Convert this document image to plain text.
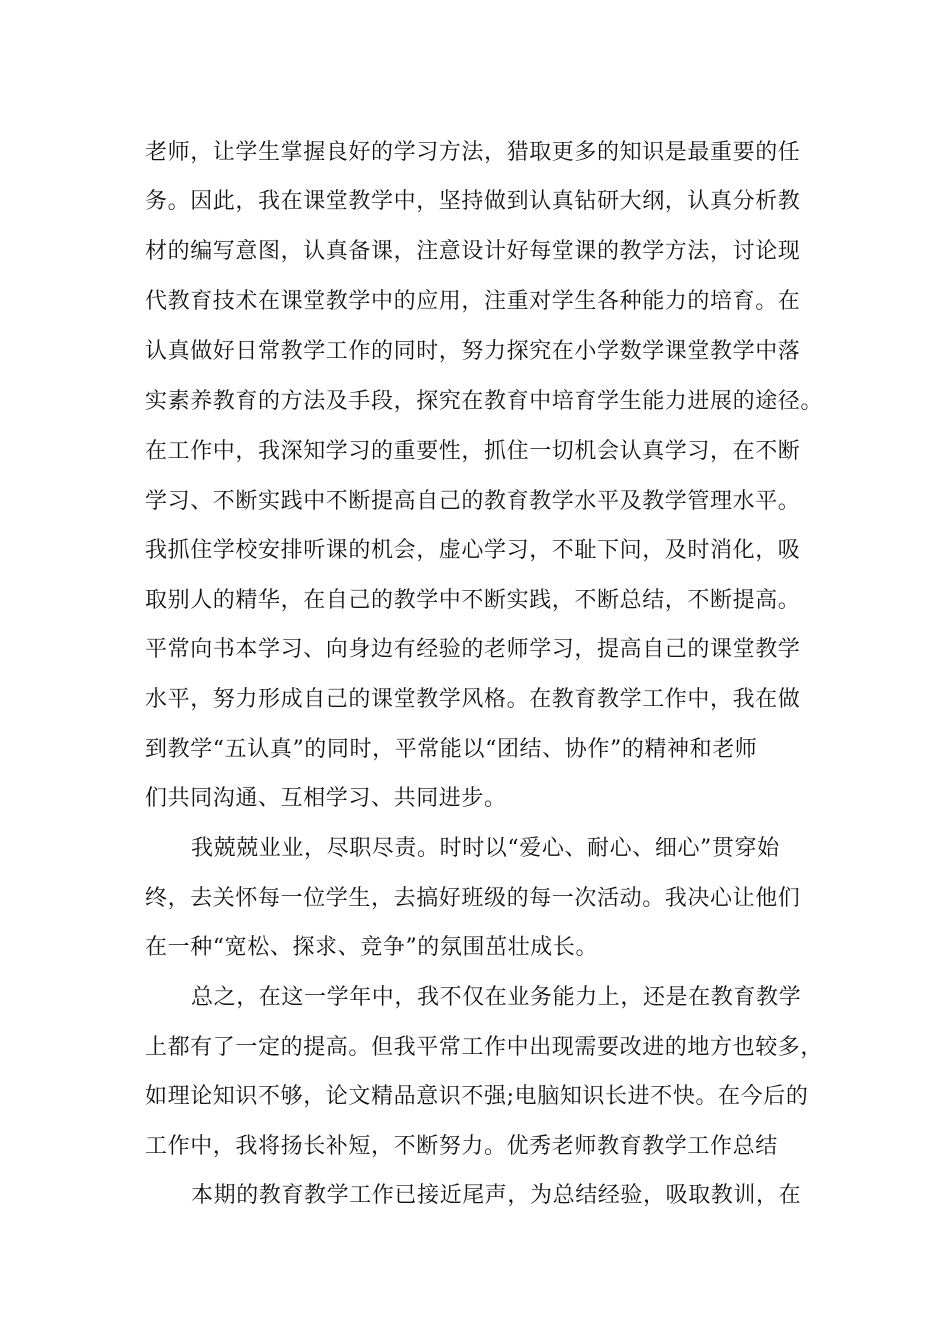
老师，让学生掌握良好的学习方法，猎取更多的知识是最重要的任
务。因此，我在课堂教学中，坚持做到认真钻研大纲，认真分析教
材的编写意图，认真备课，注意设计好每堂课的教学方法，讨论现
代教育技术在课堂教学中的应用，注重对学生各种能力的培育。在
认真做好日常教学工作的同时，努力探究在小学数学课堂教学中落
实素养教育的方法及手段，探究在教育中培育学生能力进展的途径。
在工作中，我深知学习的重要性，抓住一切机会认真学习，在不断
学习、不断实践中不断提高自己的教育教学水平及教学管理水平。
我抓住学校安排听课的机会，虚心学习，不耻下问，及时消化，吸
取别人的精华，在自己的教学中不断实践，不断总结，不断提高。
平常向书本学习、向身边有经验的老师学习，提高自己的课堂教学
水平，努力形成自己的课堂教学风格。在教育教学工作中，我在做
到教学“五认真”的同时，平常能以“团结、协作”的精神和老师
们共同沟通、互相学习、共同进步。
我兢兢业业，尽职尽责。时时以“爱心、耐心、细心”贯穿始
终，去关怀每一位学生，去搞好班级的每一次活动。我决心让他们
在一种“宽松、探求、竞争”的氛围茁壮成长。
总之，在这一学年中，我不仅在业务能力上，还是在教育教学
上都有了一定的提高。但我平常工作中出现需要改进的地方也较多，
如理论知识不够，论文精品意识不强;电脑知识长进不快。在今后的
工作中，我将扬长补短，不断努力。优秀老师教育教学工作总结
本期的教育教学工作已接近尾声，为总结经验，吸取教训，在
